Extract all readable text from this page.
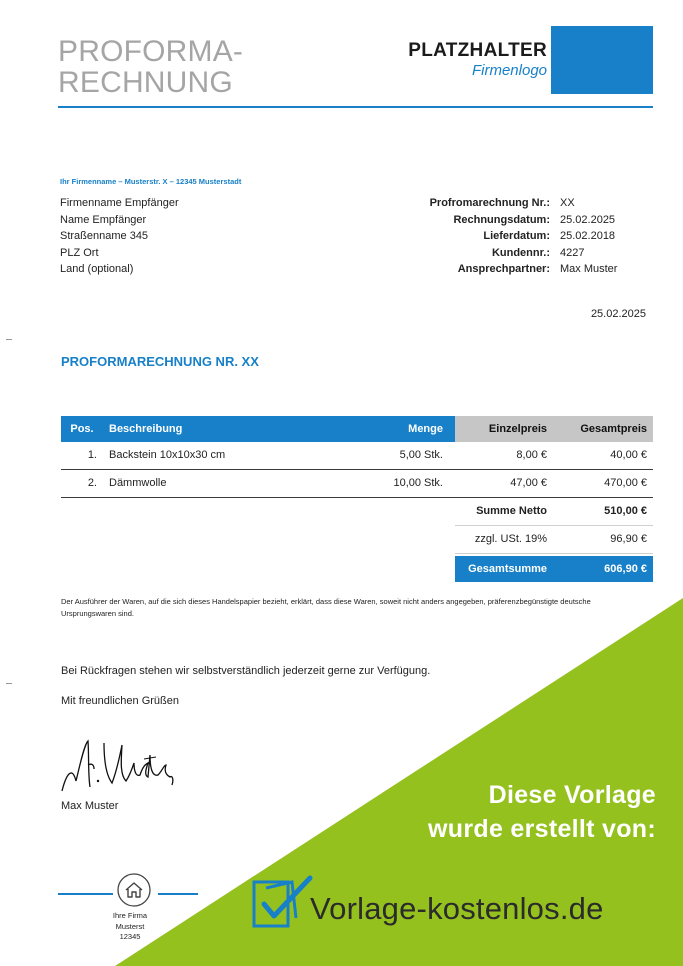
PROFORMA-
RECHNUNG
PLATZHALTER
Firmenlogo
Ihr Firmenname – Musterstr. X – 12345 Musterstadt
Firmenname Empfänger
Name Empfänger
Straßenname 345
PLZ Ort
Land (optional)
Profromarechnung Nr.: XX
Rechnungsdatum: 25.02.2025
Lieferdatum: 25.02.2018
Kundennr.: 4227
Ansprechpartner: Max Muster
25.02.2025
PROFORMARECHNUNG NR. XX
Pos.	Beschreibung	Menge	Einzelpreis	Gesamtpreis
1.	Backstein 10x10x30 cm	5,00 Stk.	8,00 €	40,00 €
2.	Dämmwolle	10,00 Stk.	47,00 €	470,00 €
Summe Netto	510,00 €
zzgl. USt. 19%	96,90 €
Gesamtsumme	606,90 €
Der Ausführer der Waren, auf die sich dieses Handelspapier bezieht, erklärt, dass diese Waren, soweit nicht anders angegeben, präferenzbegünstigte deutsche Ursprungswaren sind.
Bei Rückfragen stehen wir selbstverständlich jederzeit gerne zur Verfügung.
Mit freundlichen Grüßen
Max Muster
Ihre Firma
Musterst
12345
Diese Vorlage
wurde erstellt von:
Vorlage-kostenlos.de
